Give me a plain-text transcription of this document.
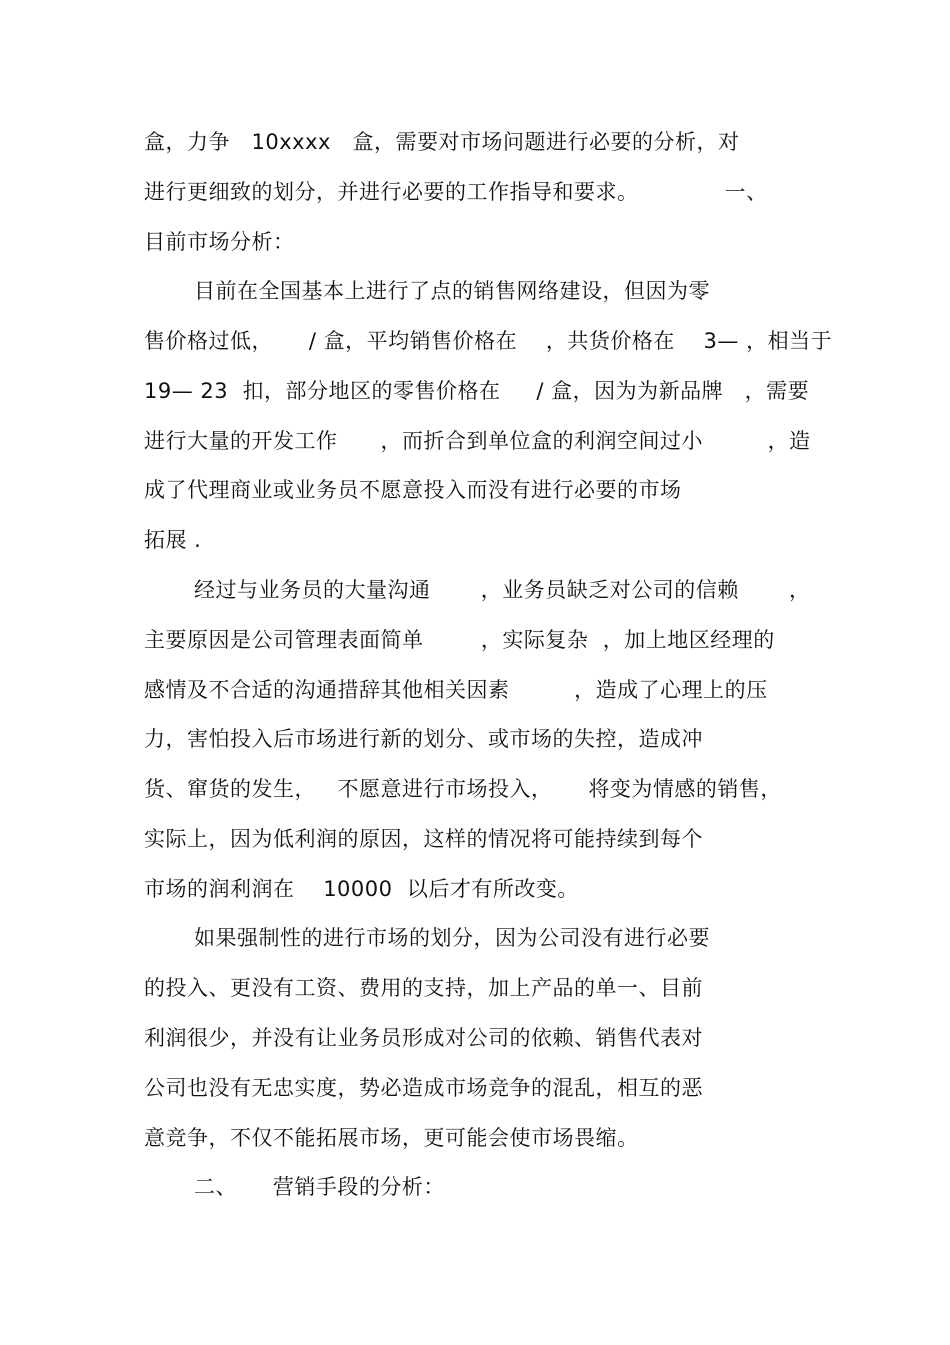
盒，力争   10xxxx   盒，需要对市场问题进行必要的分析，对
进行更细致的划分，并进行必要的工作指导和要求。            一、
目前市场分析：
目前在全国基本上进行了点的销售网络建设，但因为零
售价格过低，     / 盒，平均销售价格在    ，共货价格在    3— ，相当于
19— 23  扣，部分地区的零售价格在     / 盒，因为为新品牌   ，需要
进行大量的开发工作      ，而折合到单位盒的利润空间过小         ，造
成了代理商业或业务员不愿意投入而没有进行必要的市场
拓展 .
经过与业务员的大量沟通       ，业务员缺乏对公司的信赖       ，
主要原因是公司管理表面简单        ，实际复杂  ，加上地区经理的
感情及不合适的沟通措辞其他相关因素         ，造成了心理上的压
力，害怕投入后市场进行新的划分、或市场的失控，造成冲
货、窜货的发生，   不愿意进行市场投入，     将变为情感的销售，
实际上，因为低利润的原因，这样的情况将可能持续到每个
市场的润利润在    10000  以后才有所改变。
如果强制性的进行市场的划分，因为公司没有进行必要
的投入、更没有工资、费用的支持，加上产品的单一、目前
利润很少，并没有让业务员形成对公司的依赖、销售代表对
公司也没有无忠实度，势必造成市场竞争的混乱，相互的恶
意竞争，不仅不能拓展市场，更可能会使市场畏缩。
二、     营销手段的分析：
